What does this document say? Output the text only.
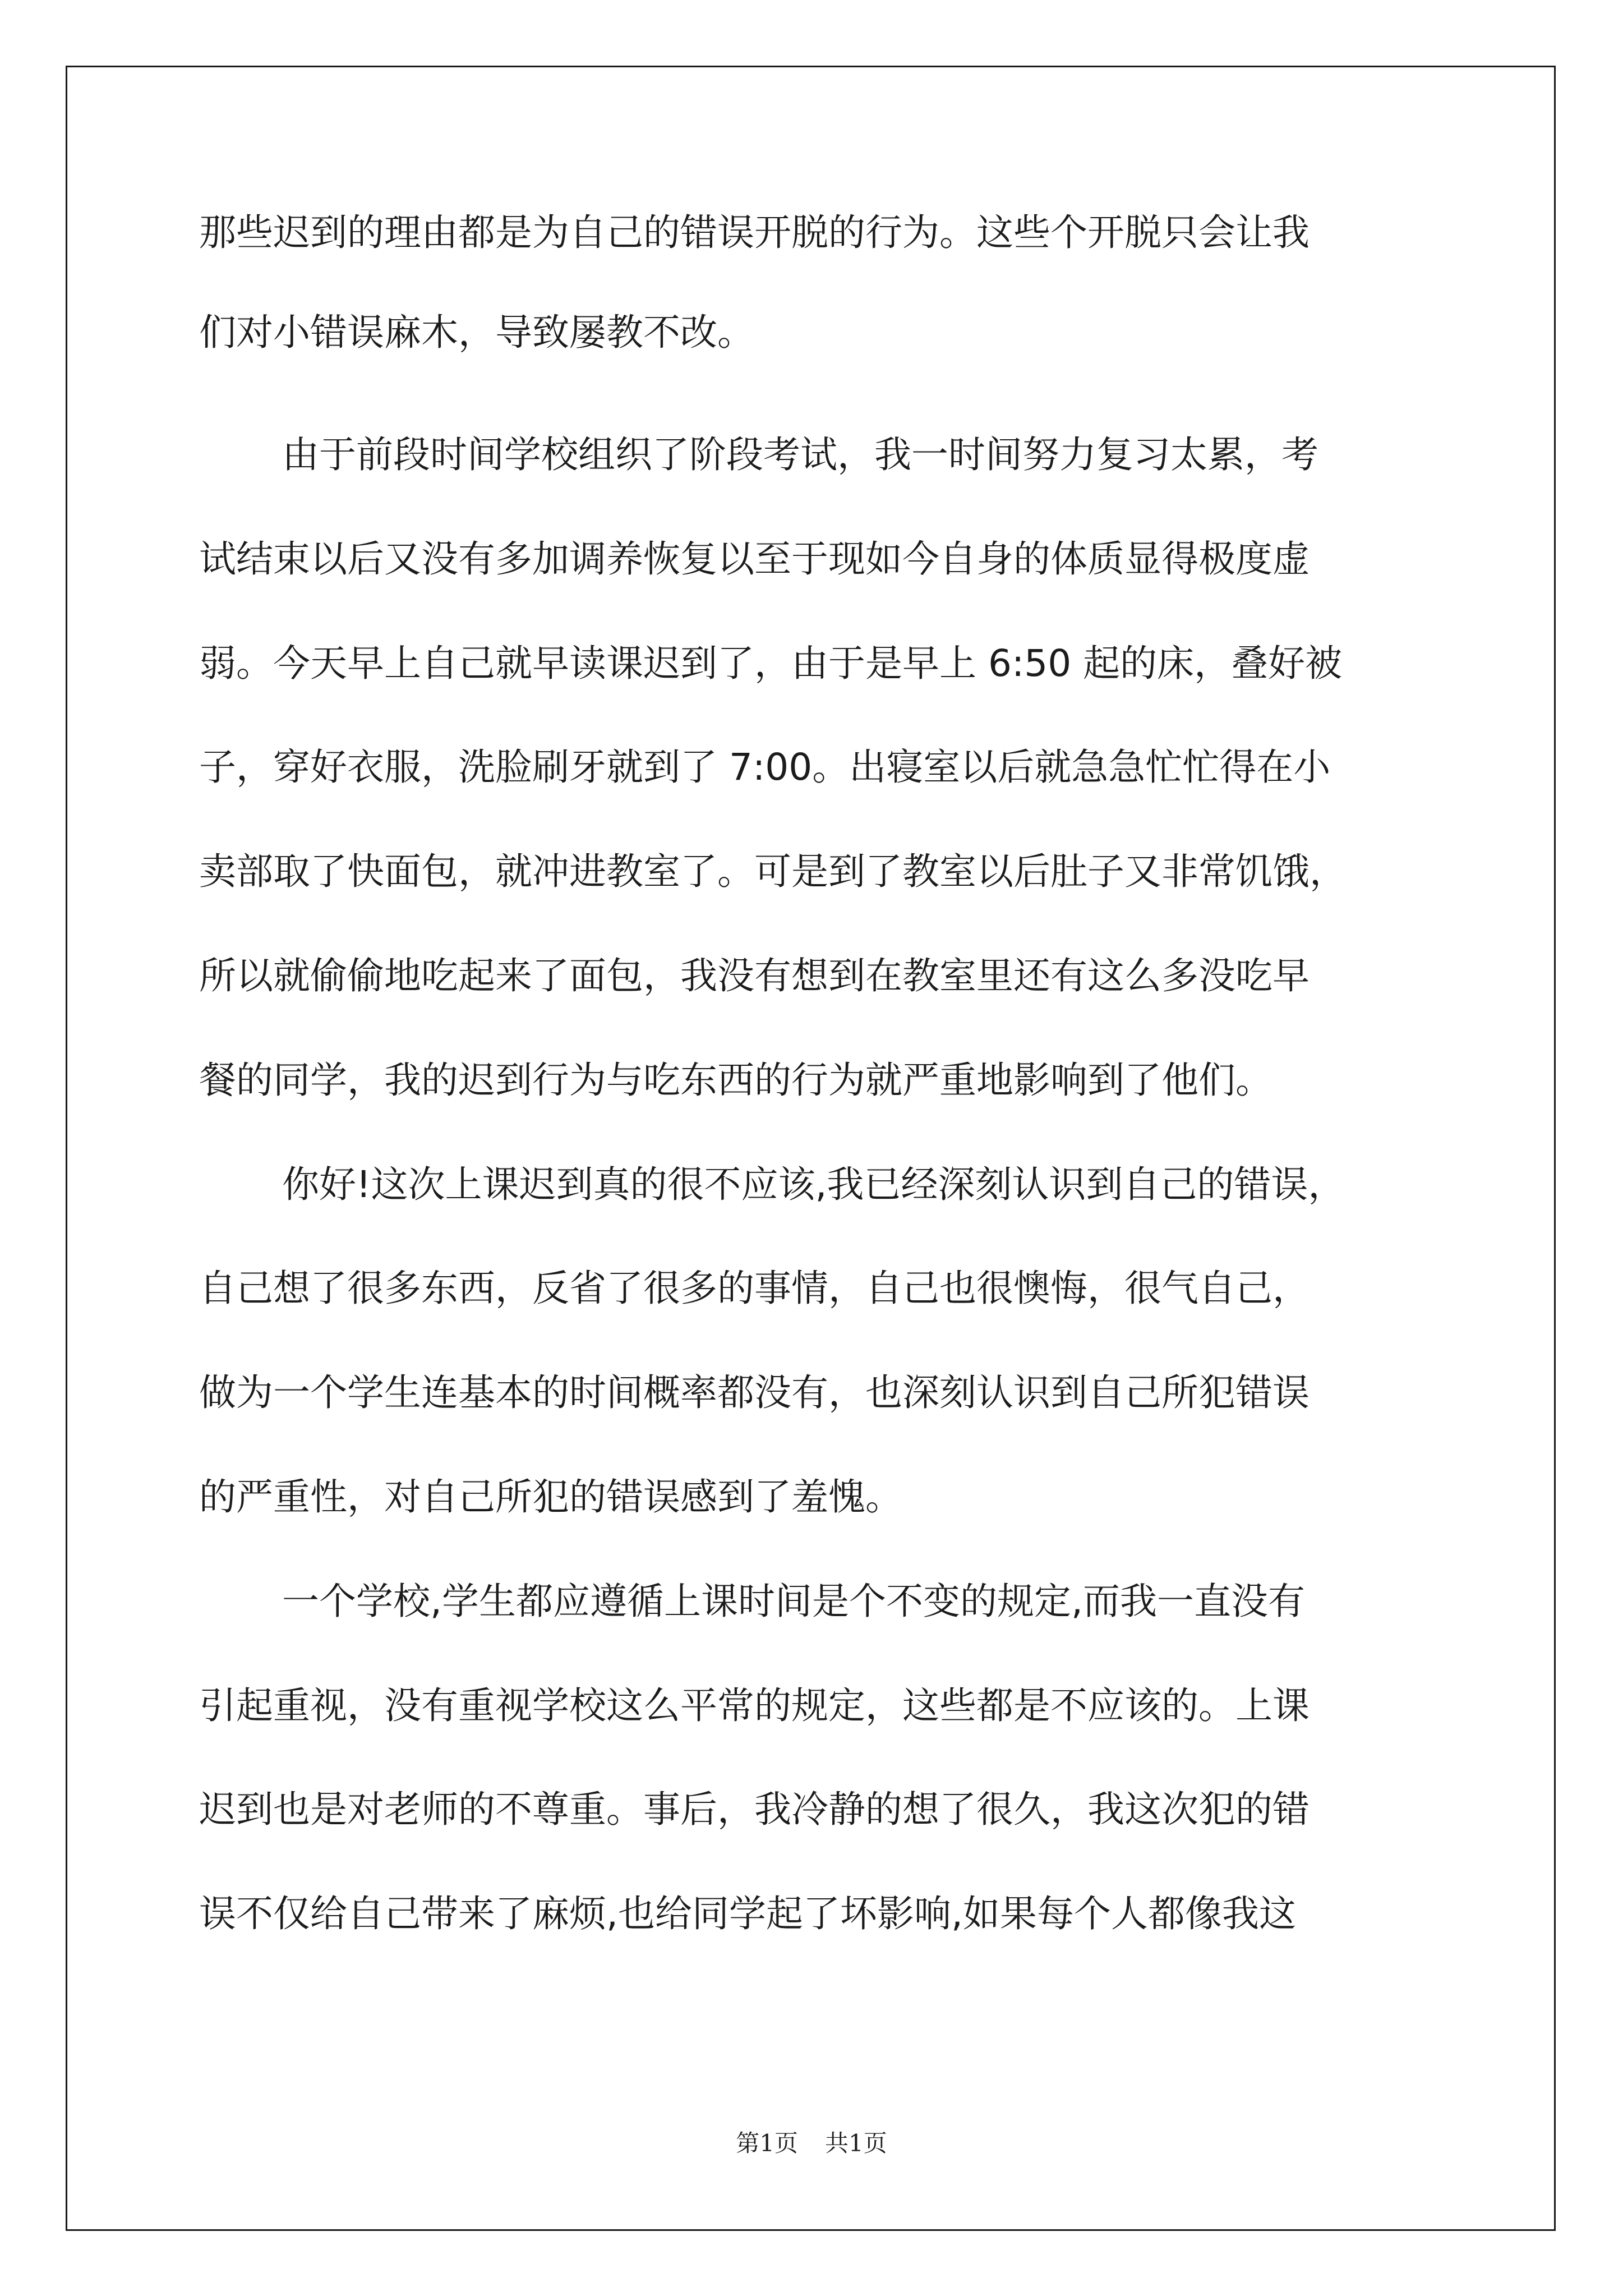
那些迟到的理由都是为自己的错误开脱的行为。这些个开脱只会让我
们对小错误麻木，导致屡教不改。
由于前段时间学校组织了阶段考试，我一时间努力复习太累，考
试结束以后又没有多加调养恢复以至于现如今自身的体质显得极度虚
弱。今天早上自己就早读课迟到了，由于是早上 6:50 起的床，叠好被
子，穿好衣服，洗脸刷牙就到了 7:00。出寝室以后就急急忙忙得在小
卖部取了快面包，就冲进教室了。可是到了教室以后肚子又非常饥饿，
所以就偷偷地吃起来了面包，我没有想到在教室里还有这么多没吃早
餐的同学，我的迟到行为与吃东西的行为就严重地影响到了他们。
你好!这次上课迟到真的很不应该,我已经深刻认识到自己的错误，
自己想了很多东西，反省了很多的事情，自己也很懊悔，很气自己，
做为一个学生连基本的时间概率都没有，也深刻认识到自己所犯错误
的严重性，对自己所犯的错误感到了羞愧。
一个学校,学生都应遵循上课时间是个不变的规定,而我一直没有
引起重视，没有重视学校这么平常的规定，这些都是不应该的。上课
迟到也是对老师的不尊重。事后，我冷静的想了很久，我这次犯的错
误不仅给自己带来了麻烦,也给同学起了坏影响,如果每个人都像我这
第1页 共1页
